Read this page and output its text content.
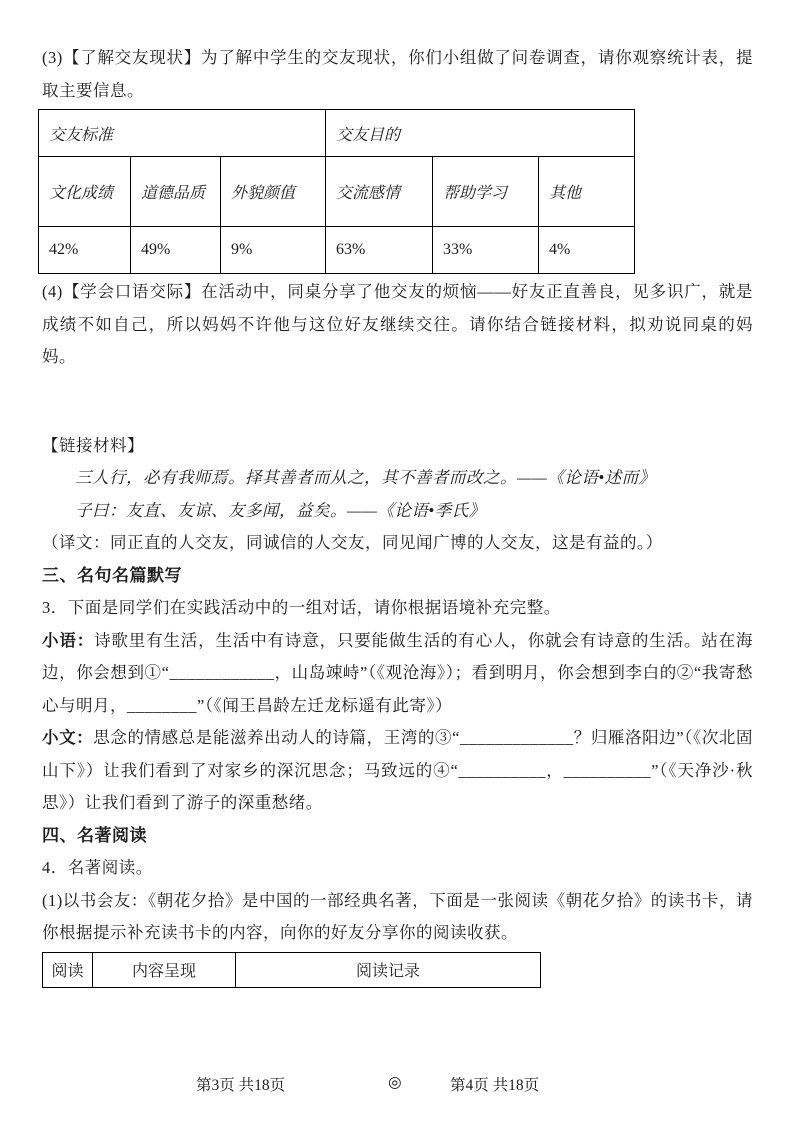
(3)【了解交友现状】为了解中学生的交友现状，你们小组做了问卷调查，请你观察统计表，提取主要信息。

交友标准			交友目的		
文化成绩	道德品质	外貌颜值	交流感情	帮助学习	其他
42%	49%	9%	63%	33%	4%

(4)【学会口语交际】在活动中，同桌分享了他交友的烦恼——好友正直善良，见多识广，就是成绩不如自己，所以妈妈不许他与这位好友继续交往。请你结合链接材料，拟劝说同桌的妈妈。

【链接材料】

三人行，必有我师焉。择其善者而从之，其不善者而改之。——《论语•述而》

子曰：友直、友谅、友多闻，益矣。——《论语•季氏》

（译文：同正直的人交友，同诚信的人交友，同见闻广博的人交友，这是有益的。）

三、名句名篇默写

3．下面是同学们在实践活动中的一组对话，请你根据语境补充完整。

小语：诗歌里有生活，生活中有诗意，只要能做生活的有心人，你就会有诗意的生活。站在海边，你会想到①“____________，山岛竦峙”（《观沧海》）；看到明月，你会想到李白的②“我寄愁心与明月，________”（《闻王昌龄左迁龙标遥有此寄》）

小文：思念的情感总是能滋养出动人的诗篇，王湾的③“_____________？归雁洛阳边”（《次北固山下》）让我们看到了对家乡的深沉思念；马致远的④“__________，__________”（《天净沙·秋思》）让我们看到了游子的深重愁绪。

四、名著阅读

4．名著阅读。

(1)以书会友：《朝花夕拾》是中国的一部经典名著，下面是一张阅读《朝花夕拾》的读书卡，请你根据提示补充读书卡的内容，向你的好友分享你的阅读收获。

阅读	内容呈现	阅读记录
第3页 共18页	◎	第4页 共18页
